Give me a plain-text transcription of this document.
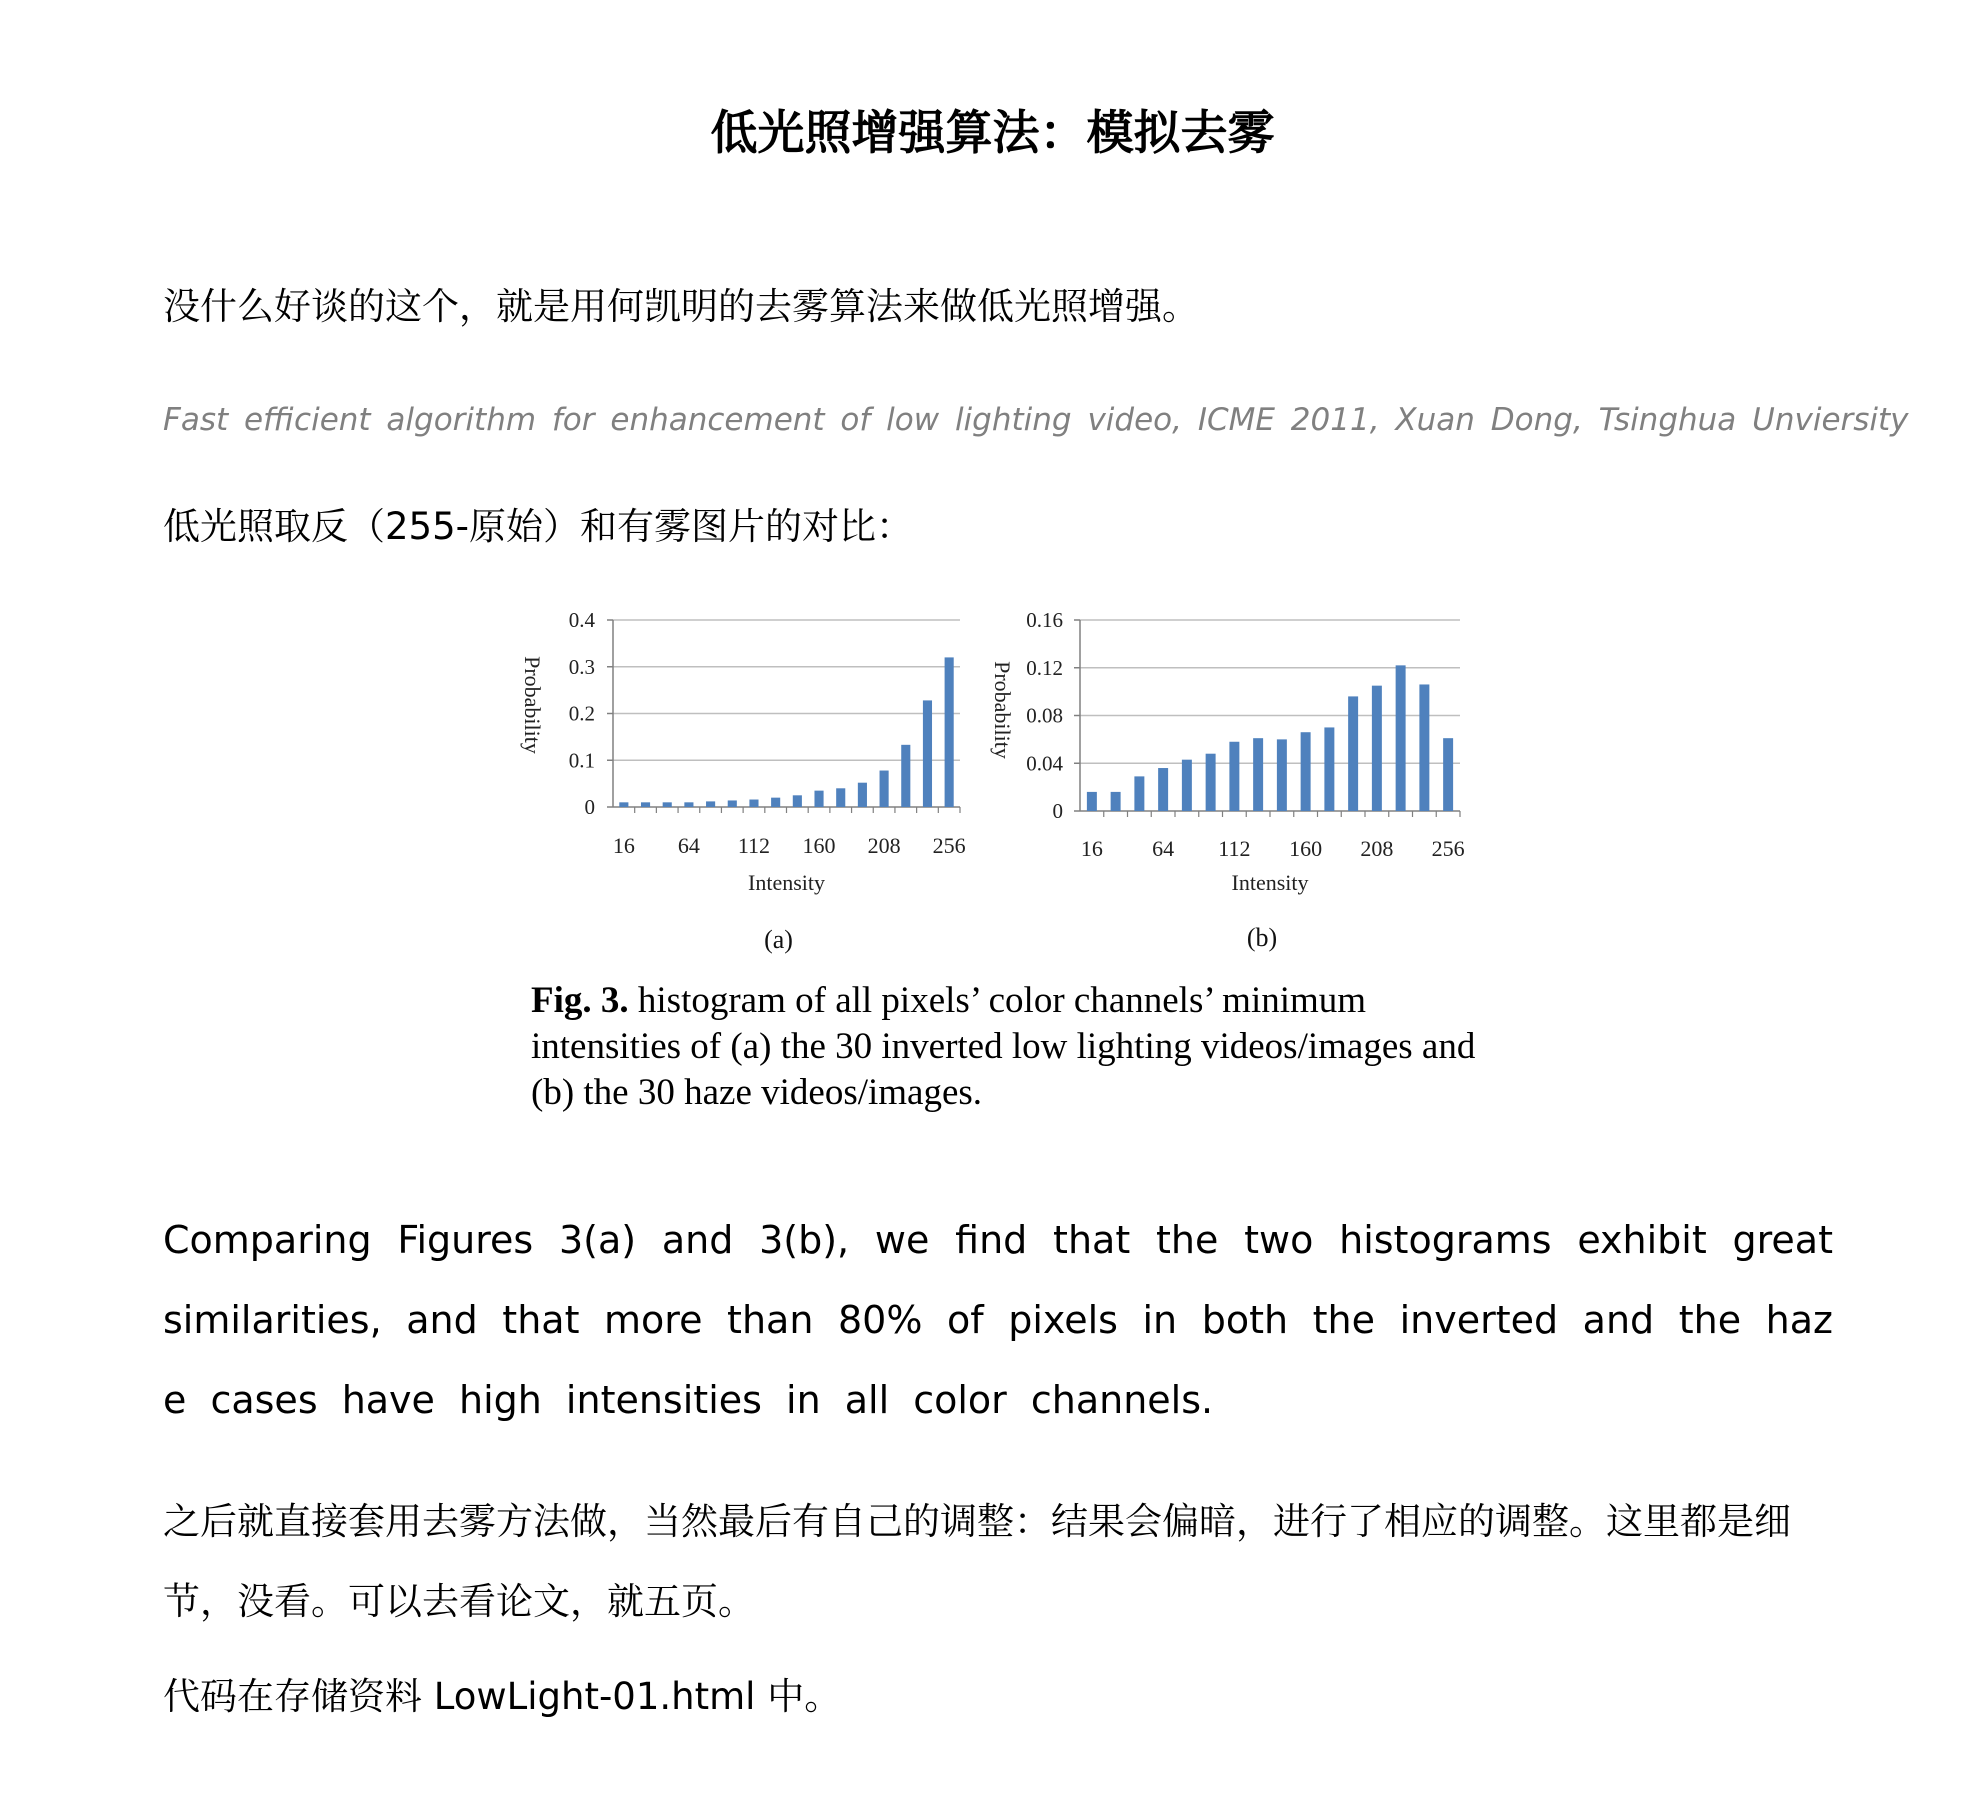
低光照增强算法：模拟去雾

没什么好谈的这个，就是用何凯明的去雾算法来做低光照增强。

Fast efficient algorithm for enhancement of low lighting video, ICME 2011, Xuan Dong, Tsinghua Unviersity

低光照取反（255-原始）和有雾图片的对比：

0
0.1
0.2
0.3
0.4
16 64 112 160 208 256
Intensity
Probability
(a)
0
0.04
0.08
0.12
0.16
16 64 112 160 208 256
Intensity
Probability
(b)
Fig. 3. histogram of all pixels’ color channels’ minimum intensities of (a) the 30 inverted low lighting videos/images and (b) the 30 haze videos/images.

Comparing Figures 3(a) and 3(b), we find that the two histograms exhibit great similarities, and that more than 80% of pixels in both the inverted and the haze cases have high intensities in all color channels.

之后就直接套用去雾方法做，当然最后有自己的调整：结果会偏暗，进行了相应的调整。这里都是细节，没看。可以去看论文，就五页。

代码在存储资料 LowLight-01.html 中。
